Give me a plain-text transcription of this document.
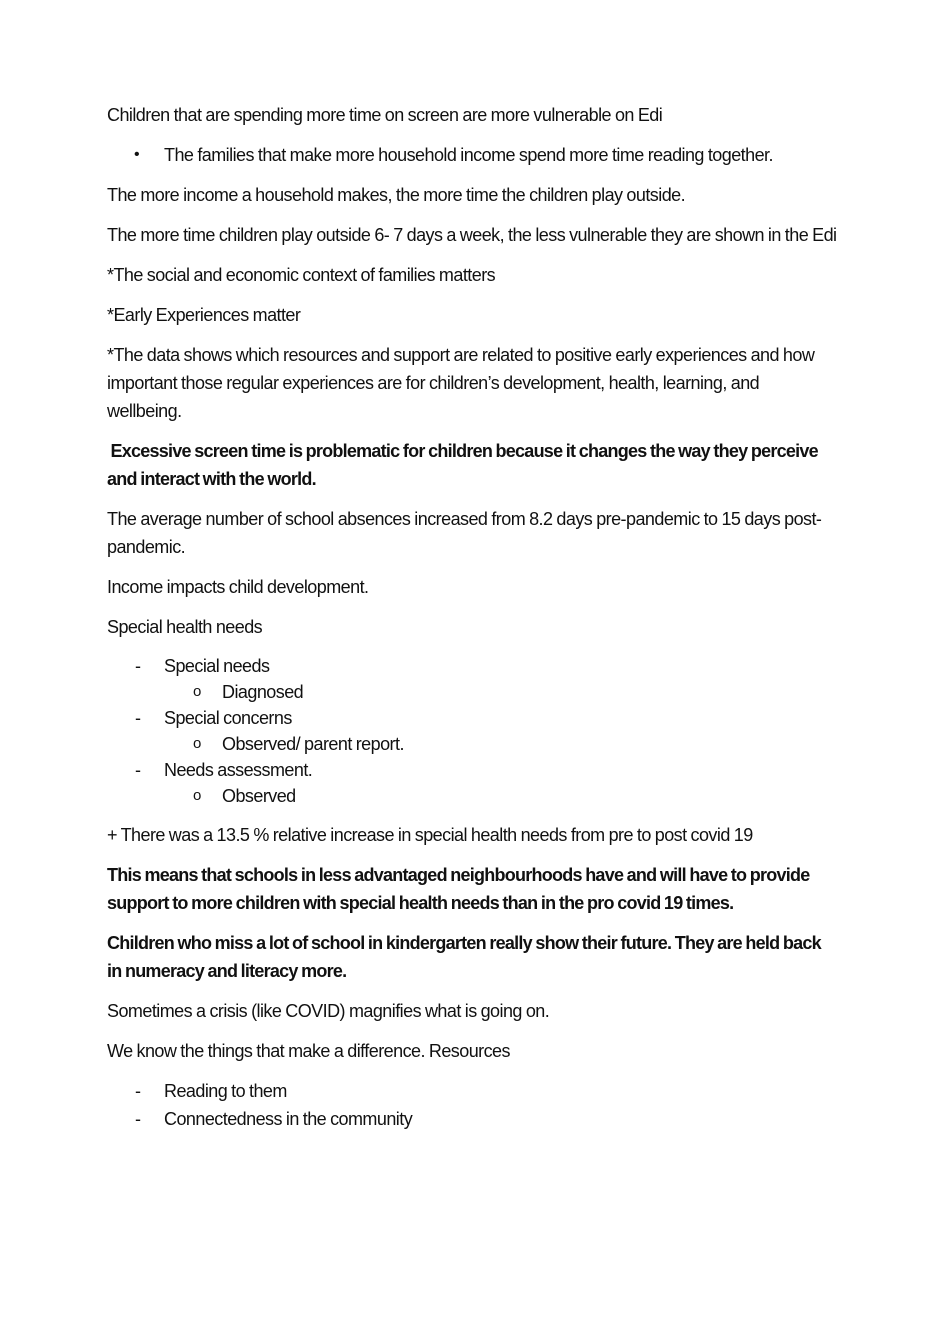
Children that are spending more time on screen are more vulnerable on Edi

•	The families that make more household income spend more time reading together.

The more income a household makes, the more time the children play outside.

The more time children play outside 6- 7 days a week, the less vulnerable they are shown in the Edi

*The social and economic context of families matters

*Early Experiences matter

*The data shows which resources and support are related to positive early experiences and how important those regular experiences are for children’s development, health, learning, and wellbeing.

Excessive screen time is problematic for children because it changes the way they perceive and interact with the world.

The average number of school absences increased from 8.2 days pre-pandemic to 15 days post-pandemic.

Income impacts child development.

Special health needs

-	Special needs
o	Diagnosed
-	Special concerns
o	Observed/ parent report.
-	Needs assessment.
o	Observed

+ There was a 13.5 % relative increase in special health needs from pre to post covid 19

This means that schools in less advantaged neighbourhoods have and will have to provide support to more children with special health needs than in the pro covid 19 times.

Children who miss a lot of school in kindergarten really show their future. They are held back in numeracy and literacy more.

Sometimes a crisis (like COVID) magnifies what is going on.

We know the things that make a difference. Resources

-	Reading to them
-	Connectedness in the community
